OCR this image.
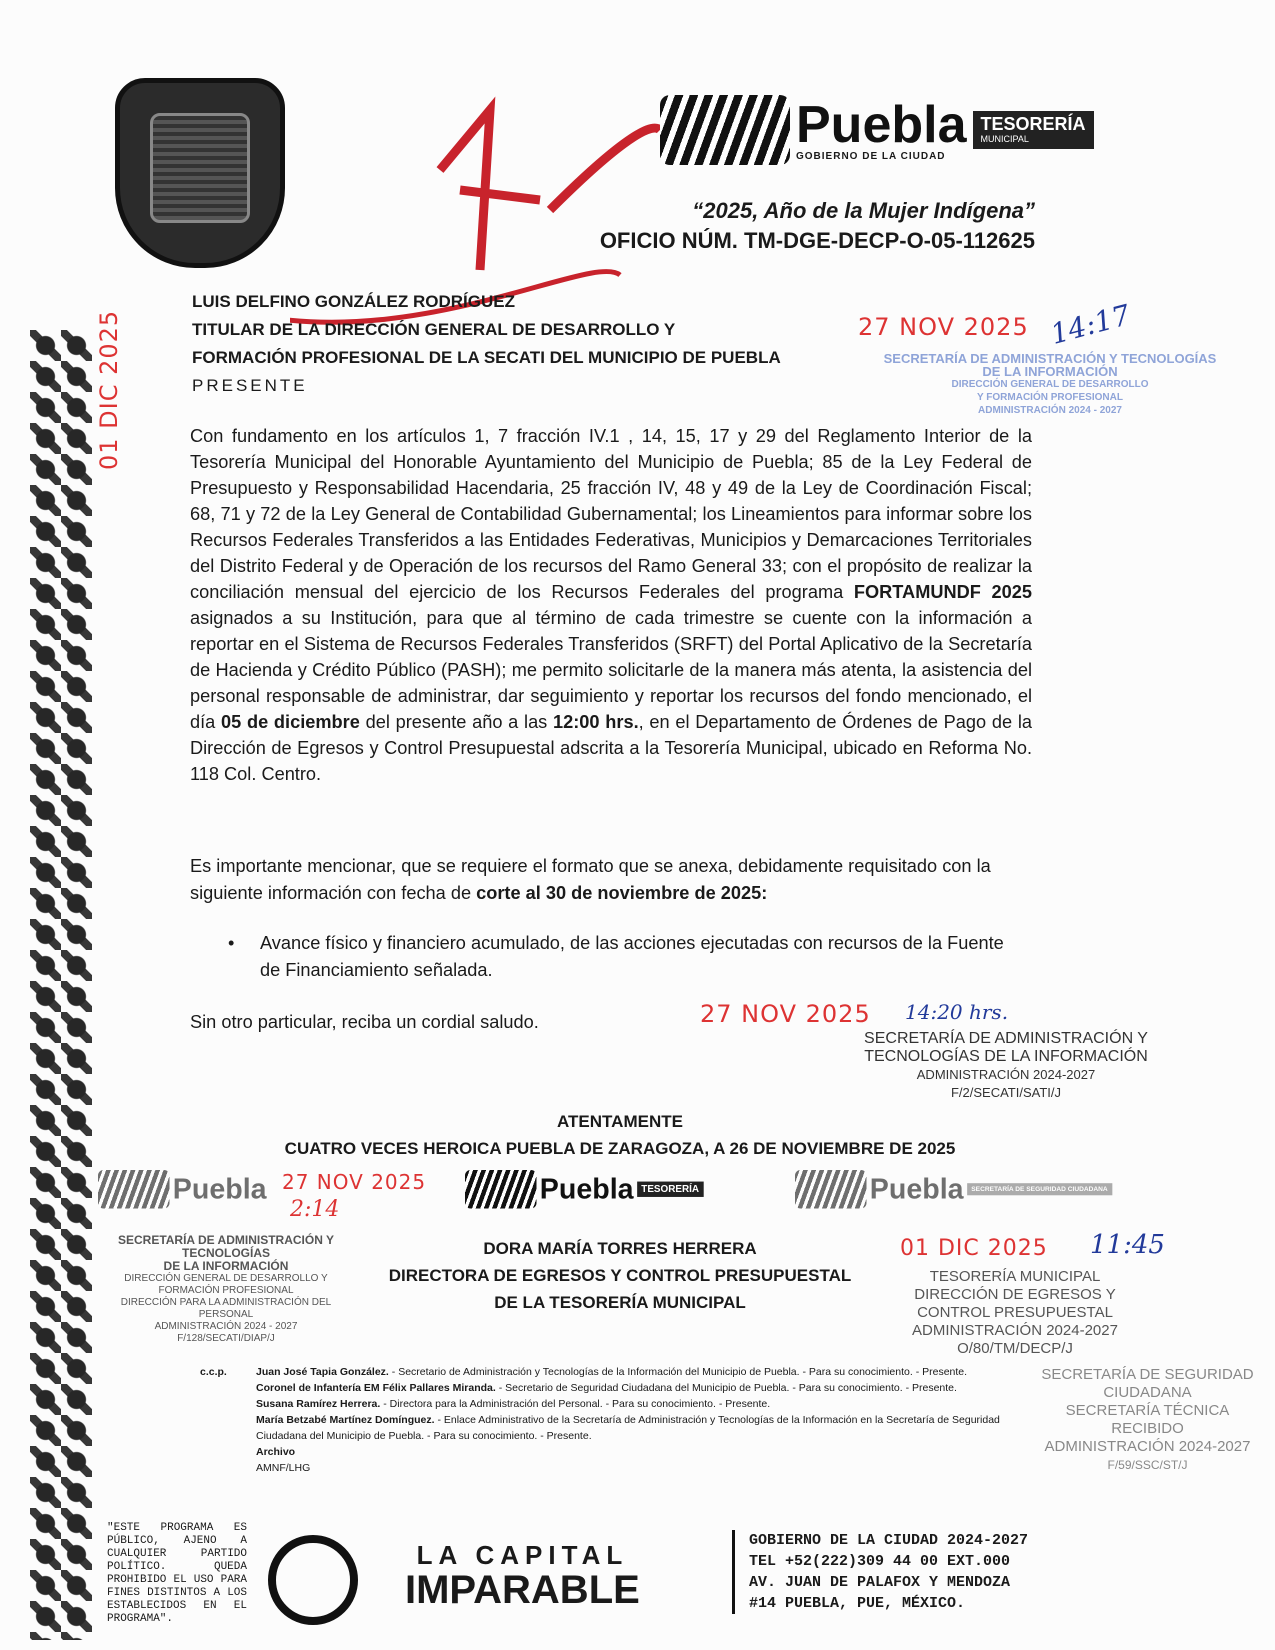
Puebla
GOBIERNO DE LA CIUDAD
TESORERÍA
MUNICIPAL
“2025, Año de la Mujer Indígena”
OFICIO NÚM. TM-DGE-DECP-O-05-112625
27 NOV 2025 14:17
SECRETARÍA DE ADMINISTRACIÓN Y TECNOLOGÍAS
DE LA INFORMACIÓN
DIRECCIÓN GENERAL DE DESARROLLO
Y FORMACIÓN PROFESIONAL
ADMINISTRACIÓN 2024 - 2027
01 DIC 2025
LUIS DELFINO GONZÁLEZ RODRÍGUEZ
TITULAR DE LA DIRECCIÓN GENERAL DE DESARROLLO Y
FORMACIÓN PROFESIONAL DE LA SECATI DEL MUNICIPIO DE PUEBLA
PRESENTE
Con fundamento en los artículos 1, 7 fracción IV.1 , 14, 15, 17 y 29 del Reglamento Interior de la Tesorería Municipal del Honorable Ayuntamiento del Municipio de Puebla; 85 de la Ley Federal de Presupuesto y Responsabilidad Hacendaria, 25 fracción IV, 48 y 49 de la Ley de Coordinación Fiscal; 68, 71 y 72 de la Ley General de Contabilidad Gubernamental; los Lineamientos para informar sobre los Recursos Federales Transferidos a las Entidades Federativas, Municipios y Demarcaciones Territoriales del Distrito Federal y de Operación de los recursos del Ramo General 33; con el propósito de realizar la conciliación mensual del ejercicio de los Recursos Federales del programa FORTAMUNDF 2025 asignados a su Institución, para que al término de cada trimestre se cuente con la información a reportar en el Sistema de Recursos Federales Transferidos (SRFT) del Portal Aplicativo de la Secretaría de Hacienda y Crédito Público (PASH); me permito solicitarle de la manera más atenta, la asistencia del personal responsable de administrar, dar seguimiento y reportar los recursos del fondo mencionado, el día 05 de diciembre del presente año a las 12:00 hrs., en el Departamento de Órdenes de Pago de la Dirección de Egresos y Control Presupuestal adscrita a la Tesorería Municipal, ubicado en Reforma No. 118 Col. Centro.
Es importante mencionar, que se requiere el formato que se anexa, debidamente requisitado con la siguiente información con fecha de corte al 30 de noviembre de 2025:
• Avance físico y financiero acumulado, de las acciones ejecutadas con recursos de la Fuente de Financiamiento señalada.
Sin otro particular, reciba un cordial saludo.	27 NOV 2025 14:20 hrs.
SECRETARÍA DE ADMINISTRACIÓN Y
TECNOLOGÍAS DE LA INFORMACIÓN
ADMINISTRACIÓN 2024-2027
F/2/SECATI/SATI/J
ATENTAMENTE
CUATRO VECES HEROICA PUEBLA DE ZARAGOZA, A 26 DE NOVIEMBRE DE 2025
Puebla	Puebla TESORERÍA	Puebla SECRETARÍA DE SEGURIDAD CIUDADANA
27 NOV 2025
2:14
DORA MARÍA TORRES HERRERA
DIRECTORA DE EGRESOS Y CONTROL PRESUPUESTAL
DE LA TESORERÍA MUNICIPAL
01 DIC 2025 11:45
TESORERÍA MUNICIPAL
DIRECCIÓN DE EGRESOS Y
CONTROL PRESUPUESTAL
ADMINISTRACIÓN 2024-2027
O/80/TM/DECP/J
SECRETARÍA DE ADMINISTRACIÓN Y TECNOLOGÍAS
DE LA INFORMACIÓN
DIRECCIÓN GENERAL DE DESARROLLO Y FORMACIÓN PROFESIONAL
DIRECCIÓN PARA LA ADMINISTRACIÓN DEL PERSONAL
ADMINISTRACIÓN 2024 - 2027
F/128/SECATI/DIAP/J
SECRETARÍA DE SEGURIDAD CIUDADANA
SECRETARÍA TÉCNICA
RECIBIDO
ADMINISTRACIÓN 2024-2027
F/59/SSC/ST/J
c.c.p.	Juan José Tapia González. - Secretario de Administración y Tecnologías de la Información del Municipio de Puebla. - Para su conocimiento. - Presente.
Coronel de Infantería EM Félix Pallares Miranda. - Secretario de Seguridad Ciudadana del Municipio de Puebla. - Para su conocimiento. - Presente.
Susana Ramírez Herrera. - Directora para la Administración del Personal. - Para su conocimiento. - Presente.
María Betzabé Martínez Domínguez. - Enlace Administrativo de la Secretaría de Administración y Tecnologías de la Información en la Secretaría de Seguridad Ciudadana del Municipio de Puebla. - Para su conocimiento. - Presente.
Archivo
AMNF/LHG
"ESTE PROGRAMA ES PÚBLICO, AJENO A CUALQUIER PARTIDO POLÍTICO. QUEDA PROHIBIDO EL USO PARA FINES DISTINTOS A LOS ESTABLECIDOS EN EL PROGRAMA".
LA CAPITAL
IMPARABLE
GOBIERNO DE LA CIUDAD 2024-2027
TEL +52(222)309 44 00 EXT.000
AV. JUAN DE PALAFOX Y MENDOZA
#14 PUEBLA, PUE, MÉXICO.
